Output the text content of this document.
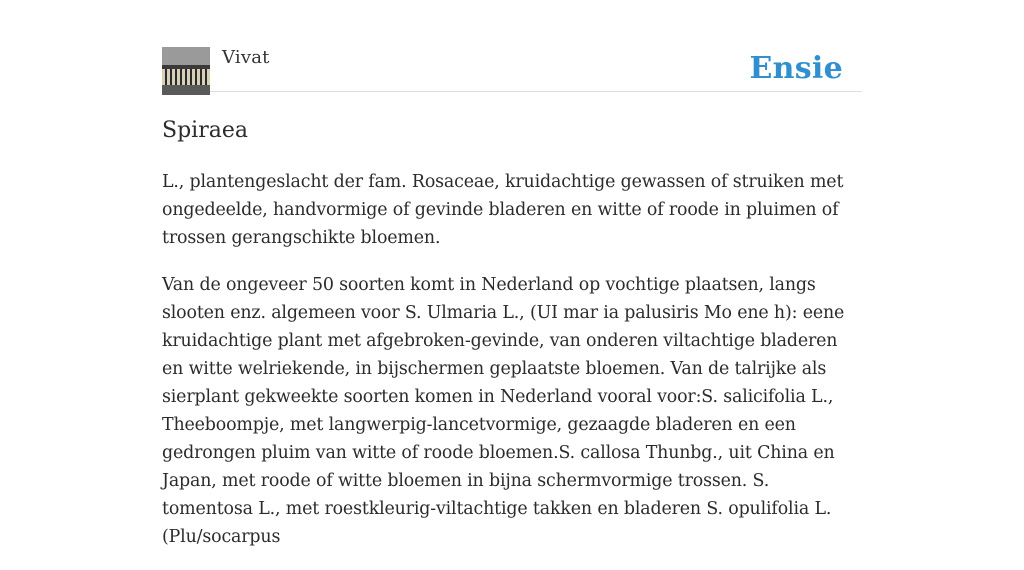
Vivat	Ensie
Spiraea

L., plantengeslacht der fam. Rosaceae, kruidachtige gewassen of struiken met ongedeelde, handvormige of gevinde bladeren en witte of roode in pluimen of trossen gerangschikte bloemen.

Van de ongeveer 50 soorten komt in Nederland op vochtige plaatsen, langs slooten enz. algemeen voor S. Ulmaria L., (UI mar ia palusiris Mo ene h): eene kruidachtige plant met afgebroken-gevinde, van onderen viltachtige bladeren en witte welriekende, in bijschermen geplaatste bloemen. Van de talrijke als sierplant gekweekte soorten komen in Nederland vooral voor:S. salicifolia L., Theeboompje, met langwerpig-lancetvormige, gezaagde bladeren en een gedrongen pluim van witte of roode bloemen.S. callosa Thunbg., uit China en Japan, met roode of witte bloemen in bijna schermvormige trossen. S. tomentosa L., met roestkleurig-viltachtige takken en bladeren S. opulifolia L. (Plu/socarpus
